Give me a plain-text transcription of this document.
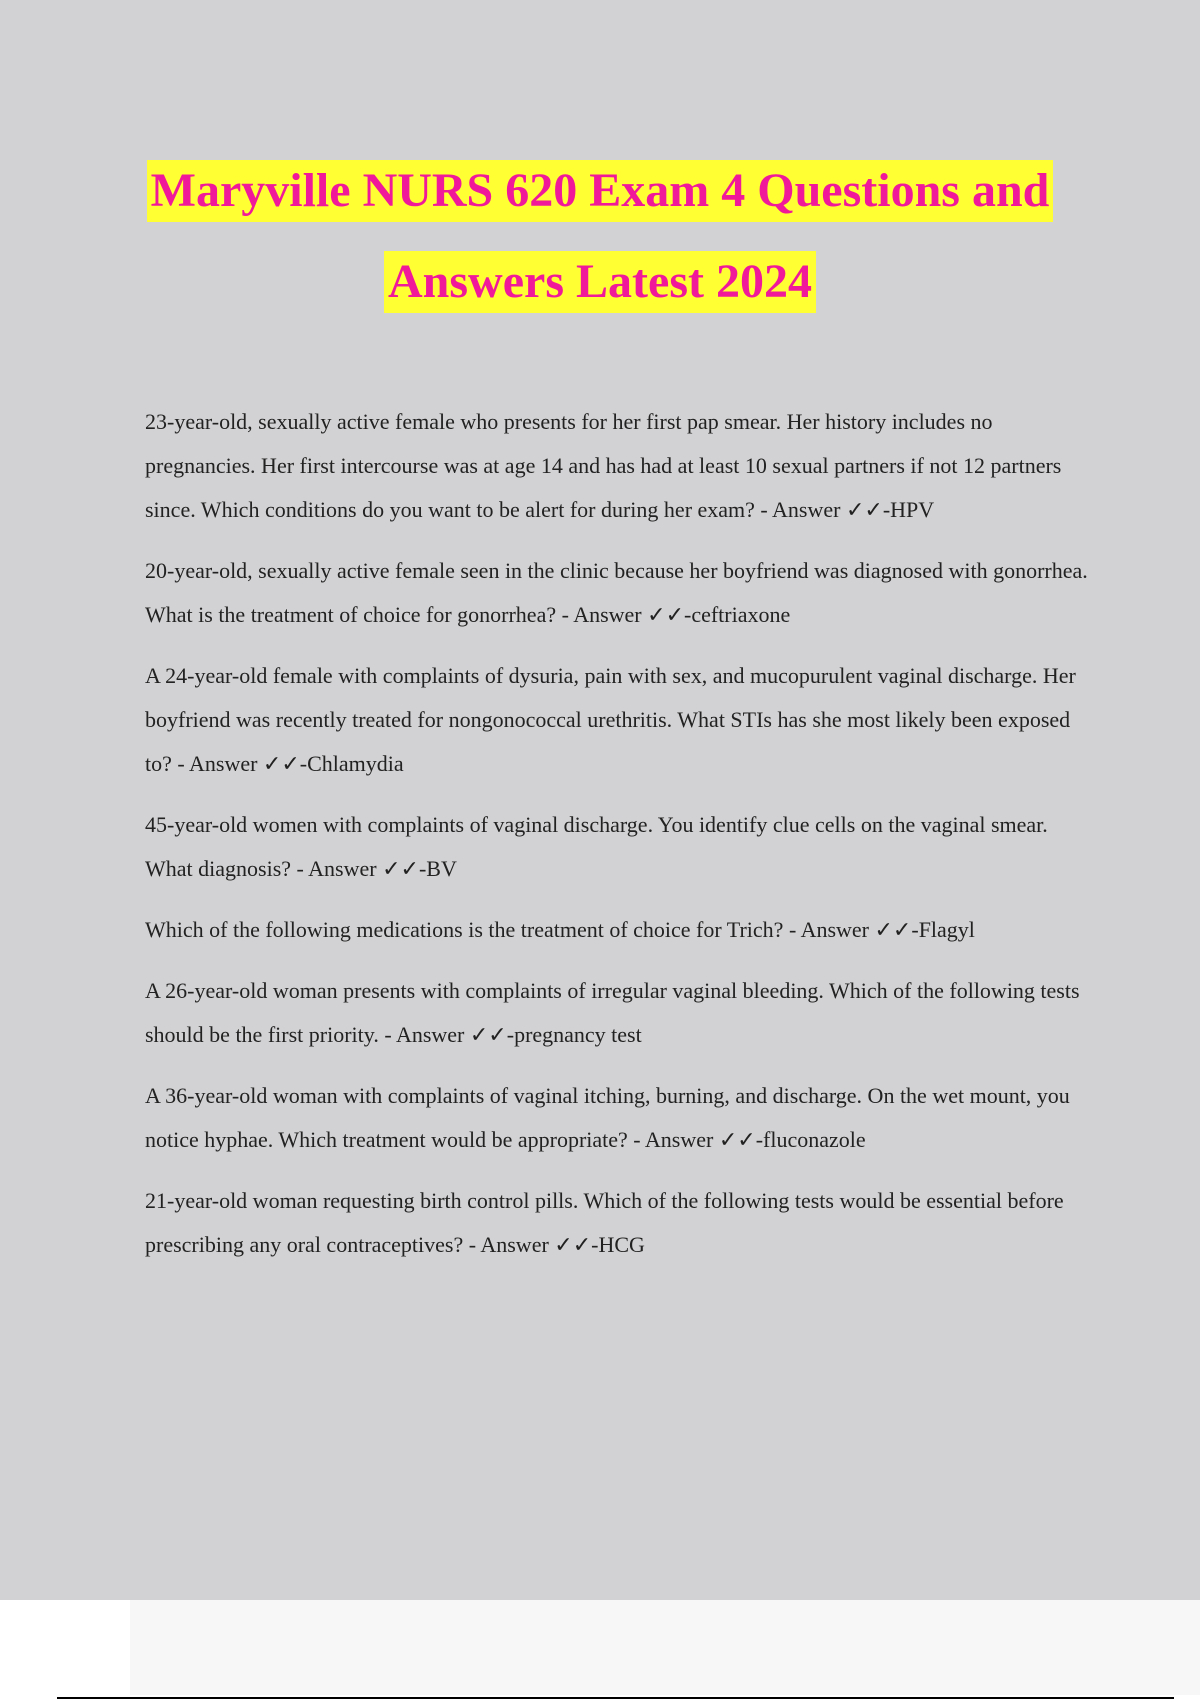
Maryville NURS 620 Exam 4 Questions and
Answers Latest 2024
23-year-old, sexually active female who presents for her first pap smear. Her history includes no pregnancies. Her first intercourse was at age 14 and has had at least 10 sexual partners if not 12 partners since. Which conditions do you want to be alert for during her exam? - Answer ✓✓-HPV
20-year-old, sexually active female seen in the clinic because her boyfriend was diagnosed with gonorrhea. What is the treatment of choice for gonorrhea? - Answer ✓✓-ceftriaxone
A 24-year-old female with complaints of dysuria, pain with sex, and mucopurulent vaginal discharge. Her boyfriend was recently treated for nongonococcal urethritis. What STIs has she most likely been exposed to? - Answer ✓✓-Chlamydia
45-year-old women with complaints of vaginal discharge. You identify clue cells on the vaginal smear. What diagnosis? - Answer ✓✓-BV
Which of the following medications is the treatment of choice for Trich? - Answer ✓✓-Flagyl
A 26-year-old woman presents with complaints of irregular vaginal bleeding. Which of the following tests should be the first priority. - Answer ✓✓-pregnancy test
A 36-year-old woman with complaints of vaginal itching, burning, and discharge. On the wet mount, you notice hyphae. Which treatment would be appropriate? - Answer ✓✓-fluconazole
21-year-old woman requesting birth control pills. Which of the following tests would be essential before prescribing any oral contraceptives? - Answer ✓✓-HCG
